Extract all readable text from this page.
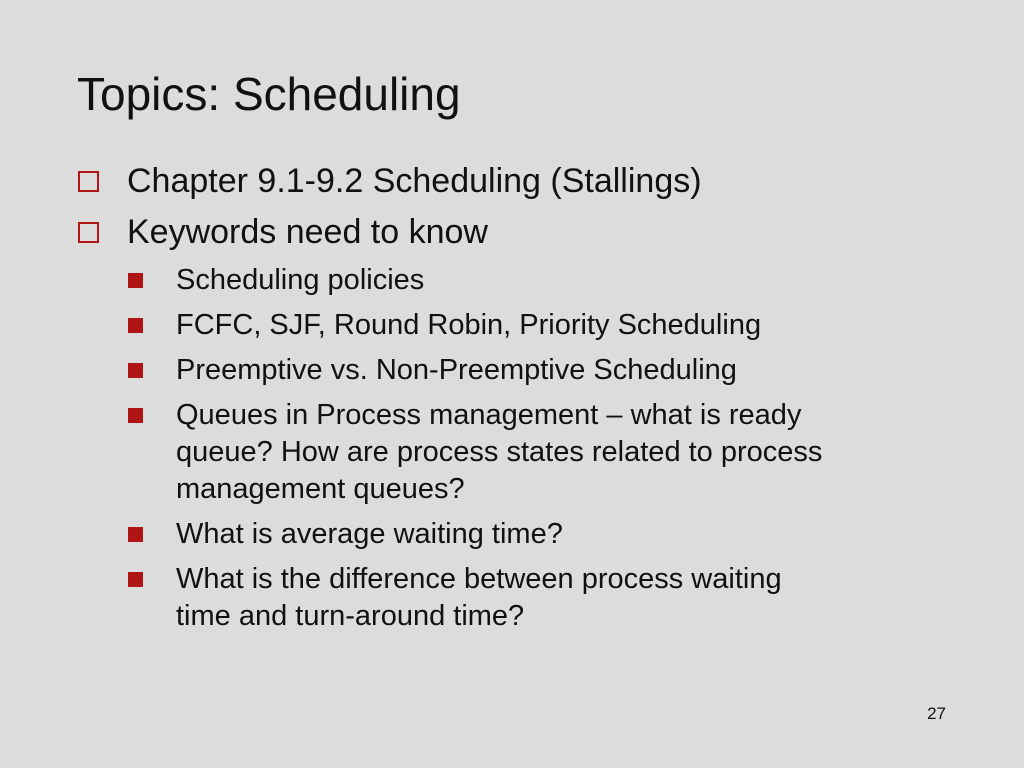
Topics: Scheduling
Chapter 9.1-9.2 Scheduling (Stallings)
Keywords need to know
Scheduling policies
FCFC, SJF, Round Robin, Priority Scheduling
Preemptive vs. Non-Preemptive Scheduling
Queues in Process management – what is ready
queue? How are process states related to process
management queues?
What is average waiting time?
What is the difference between process waiting
time and turn-around time?
27
